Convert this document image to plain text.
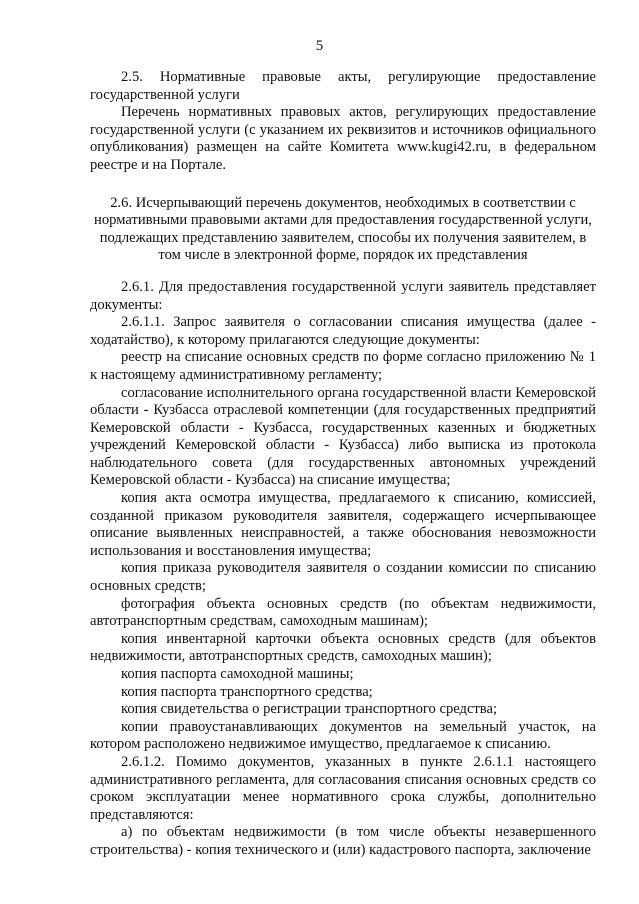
5

2.5. Нормативные правовые акты, регулирующие предоставление государственной услуги

Перечень нормативных правовых актов, регулирующих предоставление государственной услуги (с указанием их реквизитов и источников официального опубликования) размещен на сайте Комитета www.kugi42.ru, в федеральном реестре и на Портале.

2.6. Исчерпывающий перечень документов, необходимых в соответствии с нормативными правовыми актами для предоставления государственной услуги, подлежащих представлению заявителем, способы их получения заявителем, в том числе в электронной форме, порядок их представления

2.6.1. Для предоставления государственной услуги заявитель представляет документы:

2.6.1.1. Запрос заявителя о согласовании списания имущества (далее - ходатайство), к которому прилагаются следующие документы:

реестр на списание основных средств по форме согласно приложению № 1 к настоящему административному регламенту;

согласование исполнительного органа государственной власти Кемеровской области - Кузбасса отраслевой компетенции (для государственных предприятий Кемеровской области - Кузбасса, государственных казенных и бюджетных учреждений Кемеровской области - Кузбасса) либо выписка из протокола наблюдательного совета (для государственных автономных учреждений Кемеровской области - Кузбасса) на списание имущества;

копия акта осмотра имущества, предлагаемого к списанию, комиссией, созданной приказом руководителя заявителя, содержащего исчерпывающее описание выявленных неисправностей, а также обоснования невозможности использования и восстановления имущества;

копия приказа руководителя заявителя о создании комиссии по списанию основных средств;

фотография объекта основных средств (по объектам недвижимости, автотранспортным средствам, самоходным машинам);

копия инвентарной карточки объекта основных средств (для объектов недвижимости, автотранспортных средств, самоходных машин);

копия паспорта самоходной машины;

копия паспорта транспортного средства;

копия свидетельства о регистрации транспортного средства;

копии правоустанавливающих документов на земельный участок, на котором расположено недвижимое имущество, предлагаемое к списанию.

2.6.1.2. Помимо документов, указанных в пункте 2.6.1.1 настоящего административного регламента, для согласования списания основных средств со сроком эксплуатации менее нормативного срока службы, дополнительно представляются:

а) по объектам недвижимости (в том числе объекты незавершенного строительства) - копия технического и (или) кадастрового паспорта, заключение
